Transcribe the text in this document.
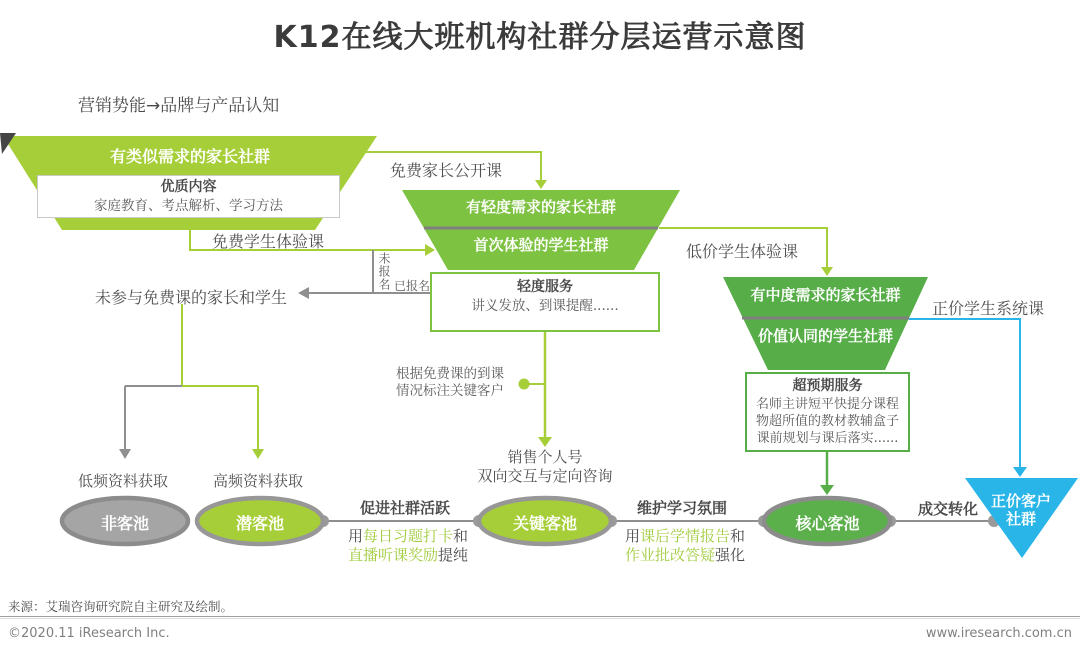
K12在线大班机构社群分层运营示意图
营销势能→品牌与产品认知
有类似需求的家长社群
优质内容
家庭教育、考点解析、学习方法
免费家长公开课
免费学生体验课
未报名 已报名
未参与免费课的家长和学生
有轻度需求的家长社群
首次体验的学生社群
轻度服务
讲义发放、到课提醒......
低价学生体验课
有中度需求的家长社群
价值认同的学生社群
超预期服务
名师主讲短平快提分课程
物超所值的教材教辅盒子
课前规划与课后落实......
正价学生系统课
根据免费课的到课
情况标注关键客户
销售个人号
双向交互与定向咨询
低频资料获取	高频资料获取
非客池	潜客池	关键客池	核心客池
促进社群活跃
用每日习题打卡和
直播听课奖励提纯
维护学习氛围
用课后学情报告和
作业批改答疑强化
成交转化 正价客户
社群
来源：艾瑞咨询研究院自主研究及绘制。
©2020.11 iResearch Inc.	www.iresearch.com.cn
